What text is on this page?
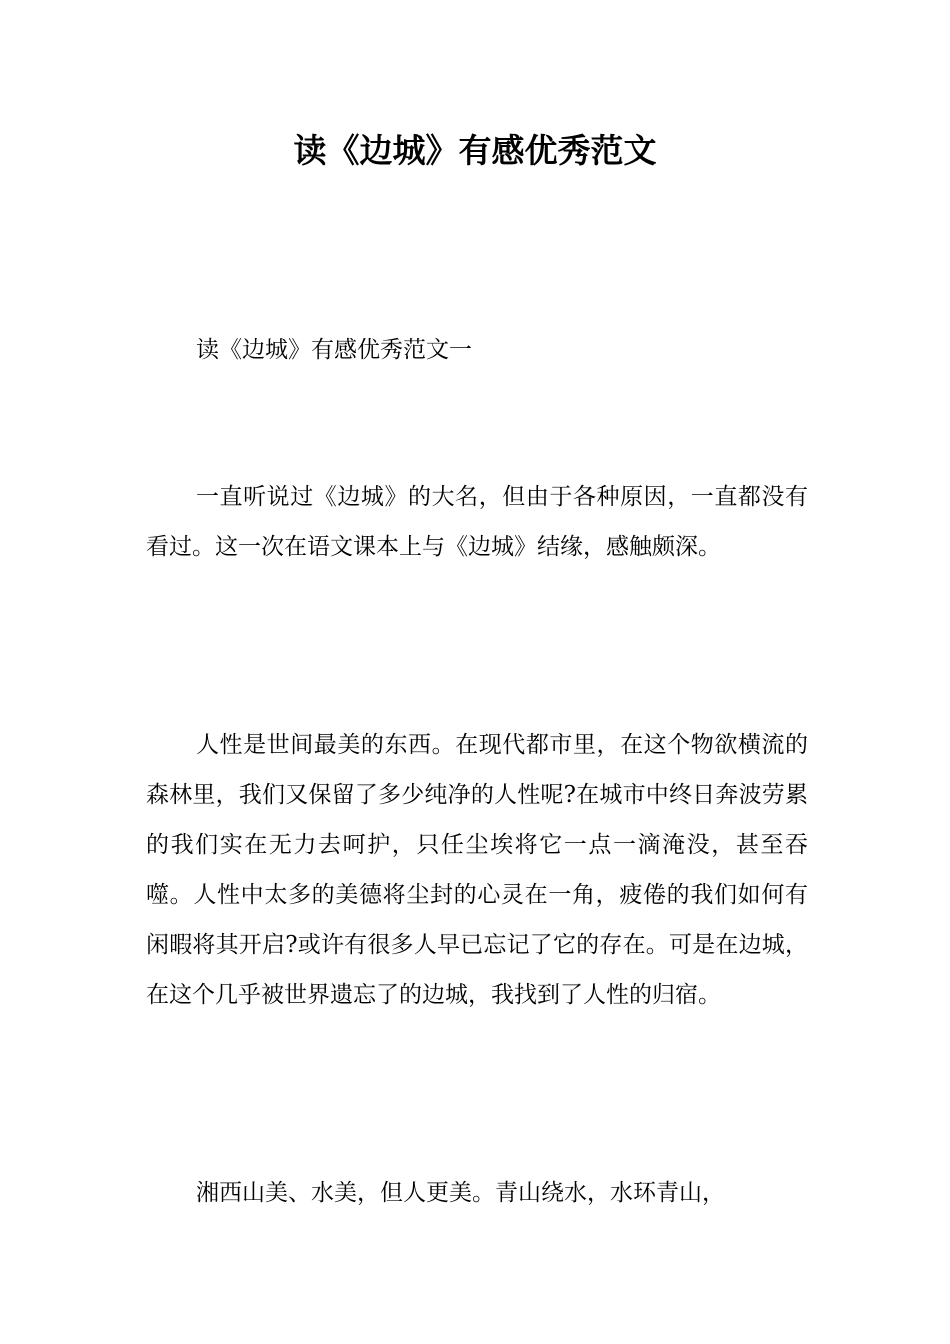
读《边城》有感优秀范文

读《边城》有感优秀范文一

一直听说过《边城》的大名，但由于各种原因，一直都没有看过。这一次在语文课本上与《边城》结缘，感触颇深。

人性是世间最美的东西。在现代都市里，在这个物欲横流的森林里，我们又保留了多少纯净的人性呢?在城市中终日奔波劳累的我们实在无力去呵护，只任尘埃将它一点一滴淹没，甚至吞噬。人性中太多的美德将尘封的心灵在一角，疲倦的我们如何有闲暇将其开启?或许有很多人早已忘记了它的存在。可是在边城，在这个几乎被世界遗忘了的边城，我找到了人性的归宿。

湘西山美、水美，但人更美。青山绕水，水环青山，
